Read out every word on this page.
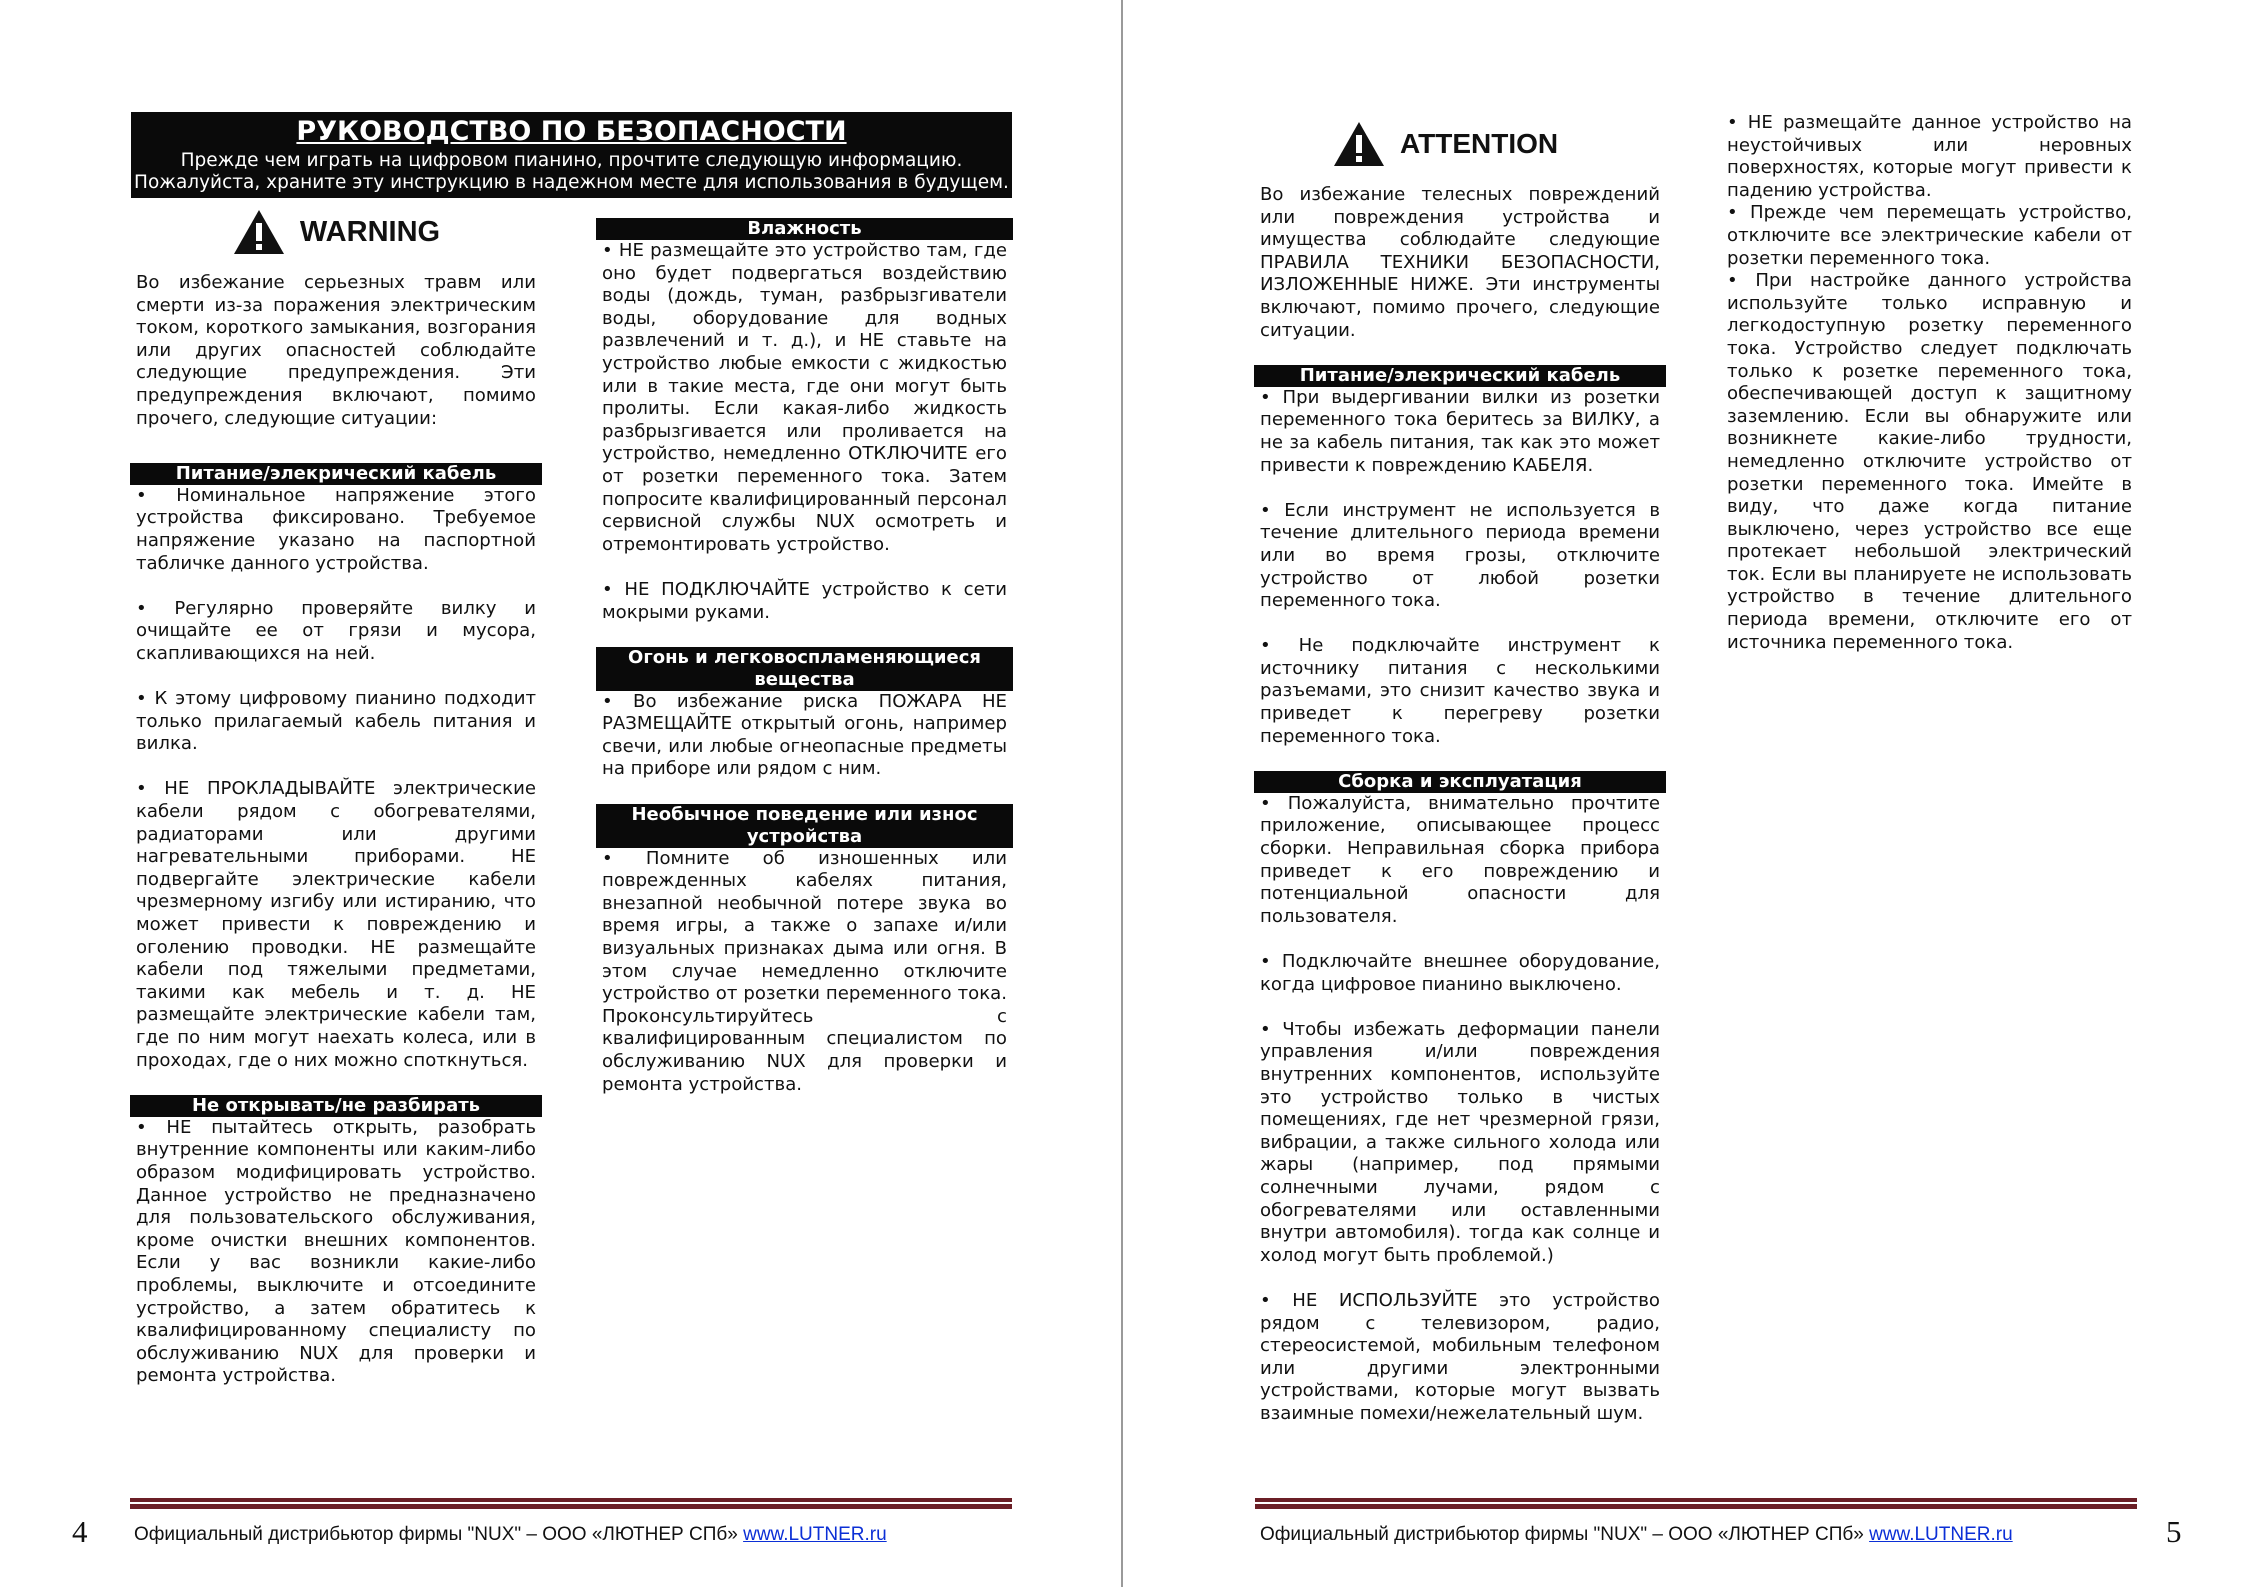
РУКОВОДСТВО ПО БЕЗОПАСНОСТИ
Прежде чем играть на цифровом пианино, прочтите следующую информацию.
Пожалуйста, храните эту инструкцию в надежном месте для использования в будущем.
WARNING

Во избежание серьезных травм или смерти из-за поражения электрическим током, короткого замыкания, возгорания или других опасностей соблюдайте следующие предупреждения. Эти предупреждения включают, помимо прочего, следующие ситуации:

Питание/элекрический кабель

• Номинальное напряжение этого устройства фиксировано. Требуемое напряжение указано на паспортной табличке данного устройства.

• Регулярно проверяйте вилку и очищайте ее от грязи и мусора, скапливающихся на ней.

• К этому цифровому пианино подходит только прилагаемый кабель питания и вилка.

• НЕ ПРОКЛАДЫВАЙТЕ электрические кабели рядом с обогревателями, радиаторами или другими нагревательными приборами. НЕ подвергайте электрические кабели чрезмерному изгибу или истиранию, что может привести к повреждению и оголению проводки. НЕ размещайте кабели под тяжелыми предметами, такими как мебель и т. д. НЕ размещайте электрические кабели там, где по ним могут наехать колеса, или в проходах, где о них можно споткнуться.

Не открывать/не разбирать

• НЕ пытайтесь открыть, разобрать внутренние компоненты или каким-либо образом модифицировать устройство. Данное устройство не предназначено для пользовательского обслуживания, кроме очистки внешних компонентов. Если у вас возникли какие-либо проблемы, выключите и отсоедините устройство, а затем обратитесь к квалифицированному специалисту по обслуживанию NUX для проверки и ремонта устройства.

Влажность

• НЕ размещайте это устройство там, где оно будет подвергаться воздействию воды (дождь, туман, разбрызгиватели воды, оборудование для водных развлечений и т. д.), и НЕ ставьте на устройство любые емкости с жидкостью или в такие места, где они могут быть пролиты. Если какая-либо жидкость разбрызгивается или проливается на устройство, немедленно ОТКЛЮЧИТЕ его от розетки переменного тока. Затем попросите квалифицированный персонал сервисной службы NUX осмотреть и отремонтировать устройство.

• НЕ ПОДКЛЮЧАЙТЕ устройство к сети мокрыми руками.

Огонь и легковоспламеняющиеся вещества

• Во избежание риска ПОЖАРА НЕ РАЗМЕЩАЙТЕ открытый огонь, например свечи, или любые огнеопасные предметы на приборе или рядом с ним.

Необычное поведение или износ устройства

• Помните об изношенных или поврежденных кабелях питания, внезапной необычной потере звука во время игры, а также о запахе и/или визуальных признаках дыма или огня. В этом случае немедленно отключите устройство от розетки переменного тока. Проконсультируйтесь с квалифицированным специалистом по обслуживанию NUX для проверки и ремонта устройства.

Официальный дистрибьютор фирмы "NUX" – ООО «ЛЮТНЕР СПб» www.LUTNER.ru
4
ATTENTION

Во избежание телесных повреждений или повреждения устройства и имущества соблюдайте следующие ПРАВИЛА ТЕХНИКИ БЕЗОПАСНОСТИ, ИЗЛОЖЕННЫЕ НИЖЕ. Эти инструменты включают, помимо прочего, следующие ситуации.

Питание/элекрический кабель

• При выдергивании вилки из розетки переменного тока беритесь за ВИЛКУ, а не за кабель питания, так как это может привести к повреждению КАБЕЛЯ.

• Если инструмент не используется в течение длительного периода времени или во время грозы, отключите устройство от любой розетки переменного тока.

• Не подключайте инструмент к источнику питания с несколькими разъемами, это снизит качество звука и приведет к перегреву розетки переменного тока.

Сборка и эксплуатация

• Пожалуйста, внимательно прочтите приложение, описывающее процесс сборки. Неправильная сборка прибора приведет к его повреждению и потенциальной опасности для пользователя.

• Подключайте внешнее оборудование, когда цифровое пианино выключено.

• Чтобы избежать деформации панели управления и/или повреждения внутренних компонентов, используйте это устройство только в чистых помещениях, где нет чрезмерной грязи, вибрации, а также сильного холода или жары (например, под прямыми солнечными лучами, рядом с обогревателями или оставленными внутри автомобиля). тогда как солнце и холод могут быть проблемой.)

• НЕ ИСПОЛЬЗУЙТЕ это устройство рядом с телевизором, радио, стереосистемой, мобильным телефоном или другими электронными устройствами, которые могут вызвать взаимные помехи/нежелательный шум.

• НЕ размещайте данное устройство на неустойчивых или неровных поверхностях, которые могут привести к падению устройства.

• Прежде чем перемещать устройство, отключите все электрические кабели от розетки переменного тока.

• При настройке данного устройства используйте только исправную и легкодоступную розетку переменного тока. Устройство следует подключать только к розетке переменного тока, обеспечивающей доступ к защитному заземлению. Если вы обнаружите или возникнете какие-либо трудности, немедленно отключите устройство от розетки переменного тока. Имейте в виду, что даже когда питание выключено, через устройство все еще протекает небольшой электрический ток. Если вы планируете не использовать устройство в течение длительного периода времени, отключите его от источника переменного тока.

Официальный дистрибьютор фирмы "NUX" – ООО «ЛЮТНЕР СПб» www.LUTNER.ru	5
